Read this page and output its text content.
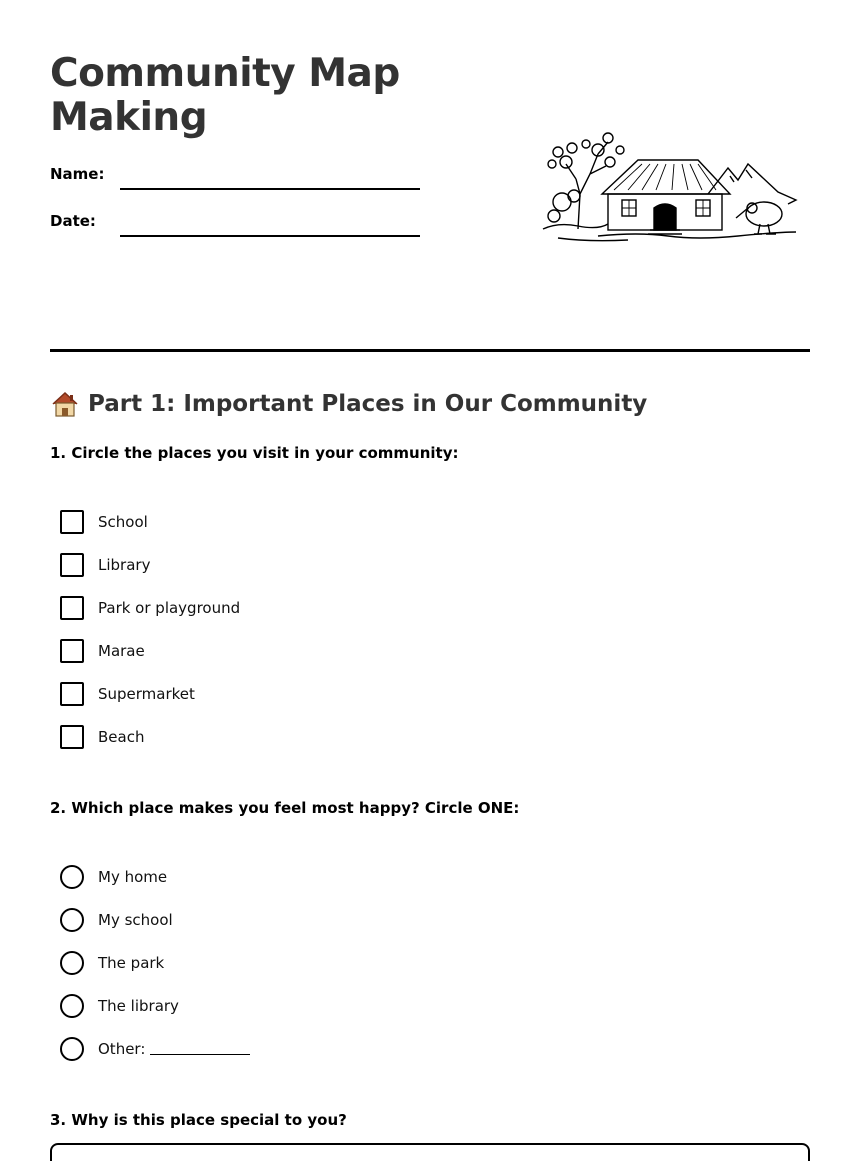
Community Map Making
Name:
Date:
Part 1: Important Places in Our Community
1. Circle the places you visit in your community:
School
Library
Park or playground
Marae
Supermarket
Beach
2. Which place makes you feel most happy? Circle ONE:
My home
My school
The park
The library
Other:
3. Why is this place special to you?
